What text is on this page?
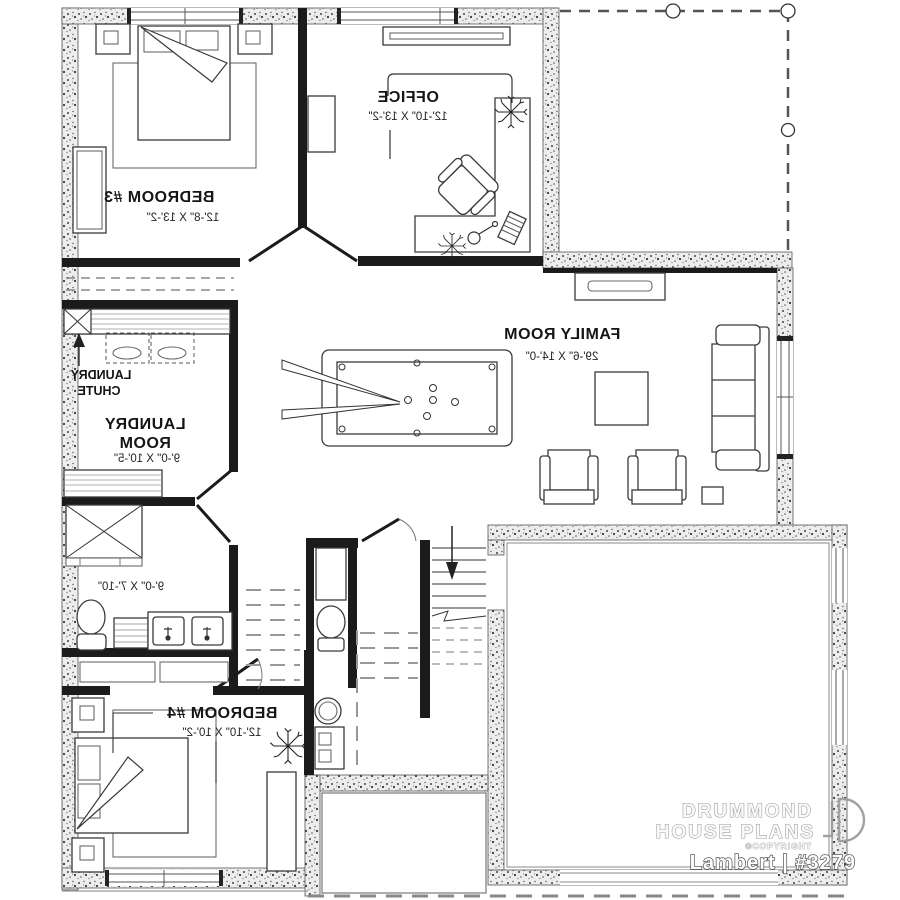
BEDROOM #3
12'-8" X 13'-2"
OFFICE
12'-10" X 13'-2"
FAMILY ROOM
29'-6" X 14'-0"
LAUNDRY
CHUTE
LAUNDRY
ROOM
9'-0" X 10'-5"
9'-0" X 7'-10"
BEDROOM #4
12'-10" X 10'-2"
DRUMMOND
HOUSE PLANS
©COPYRIGHT
Lambert | #3279
